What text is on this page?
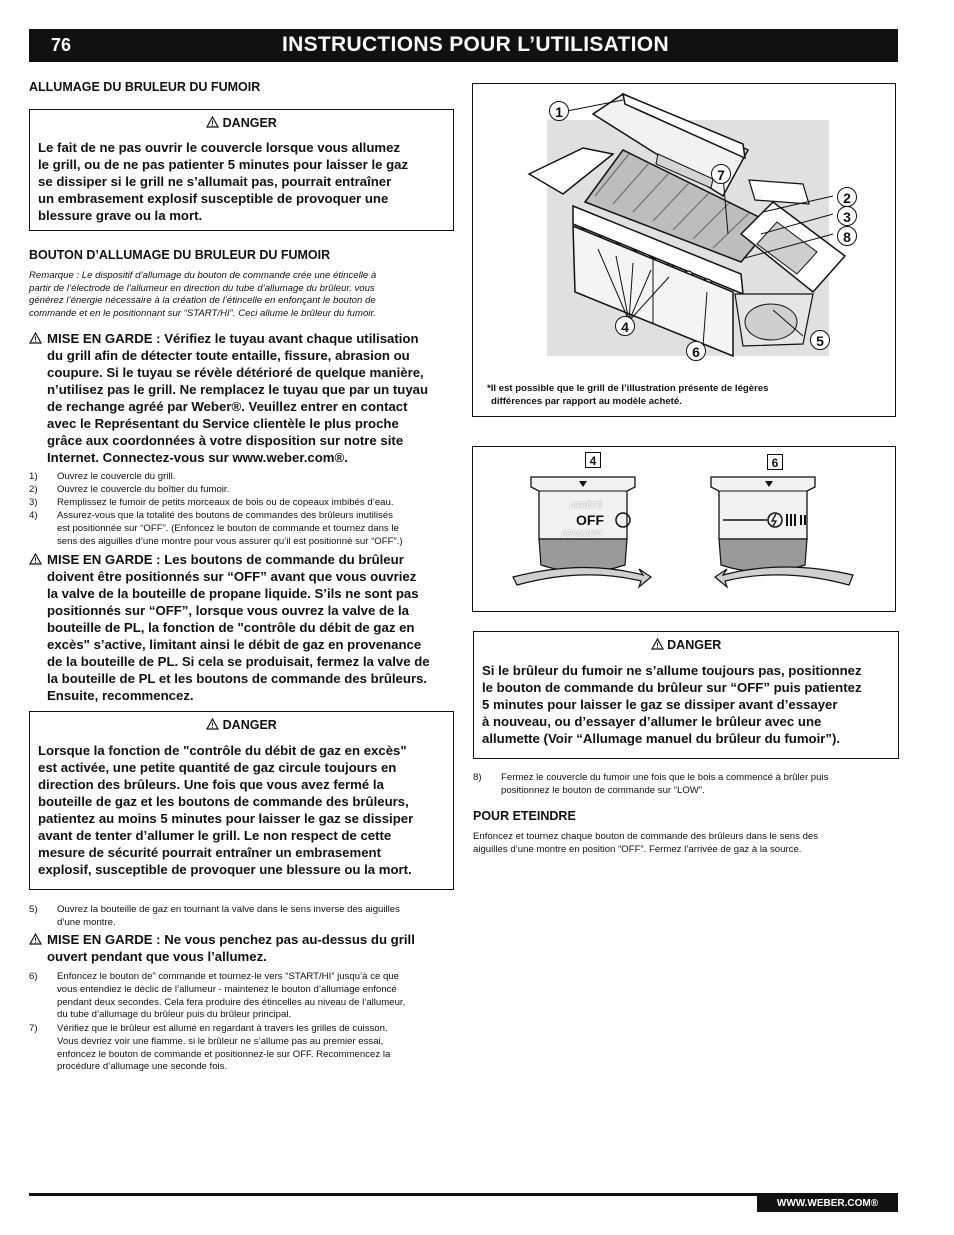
76	INSTRUCTIONS POUR L’UTILISATION
ALLUMAGE DU BRULEUR DU FUMOIR
DANGER
Le fait de ne pas ouvrir le couvercle lorsque vous allumez
le grill, ou de ne pas patienter 5 minutes pour laisser le gaz
se dissiper si le grill ne s’allumait pas, pourrait entraîner
un embrasement explosif susceptible de provoquer une
blessure grave ou la mort.
BOUTON D’ALLUMAGE DU BRULEUR DU FUMOIR
Remarque : Le dispositif d’allumage du bouton de commande crée une étincelle à
partir de l’électrode de l’allumeur en direction du tube d’allumage du brûleur. vous
générez l’énergie nécessaire à la création de l’étincelle en enfonçant le bouton de
commande et en le positionnant sur “START/HI”. Ceci allume le brûleur du fumoir.
MISE EN GARDE : Vérifiez le tuyau avant chaque utilisation
du grill afin de détecter toute entaille, fissure, abrasion ou
coupure. Si le tuyau se révèle détérioré de quelque manière,
n’utilisez pas le grill. Ne remplacez le tuyau que par un tuyau
de rechange agréé par Weber®. Veuillez entrer en contact
avec le Représentant du Service clientèle le plus proche
grâce aux coordonnées à votre disposition sur notre site
Internet. Connectez-vous sur www.weber.com®.
1) Ouvrez le couvercle du grill.
2) Ouvrez le couvercle du boîtier du fumoir.
3) Remplissez le fumoir de petits morceaux de bois ou de copeaux imbibés d’eau.
4) Assurez-vous que la totalité des boutons de commandes des brûleurs inutilisés
est positionnée sur “OFF”. (Enfoncez le bouton de commande et tournez dans le
sens des aiguilles d’une montre pour vous assurer qu’il est positionné sur “OFF”.)
MISE EN GARDE : Les boutons de commande du brûleur
doivent être positionnés sur “OFF” avant que vous ouvriez
la valve de la bouteille de propane liquide. S’ils ne sont pas
positionnés sur “OFF”, lorsque vous ouvrez la valve de la
bouteille de PL, la fonction de "contrôle du débit de gaz en
excès" s’active, limitant ainsi le débit de gaz en provenance
de la bouteille de PL. Si cela se produisait, fermez la valve de
la bouteille de PL et les boutons de commande des brûleurs.
Ensuite, recommencez.
DANGER
Lorsque la fonction de "contrôle du débit de gaz en excès"
est activée, une petite quantité de gaz circule toujours en
direction des brûleurs. Une fois que vous avez fermé la
bouteille de gaz et les boutons de commande des brûleurs,
patientez au moins 5 minutes pour laisser le gaz se dissiper
avant de tenter d’allumer le grill. Le non respect de cette
mesure de sécurité pourrait entraîner un embrasement
explosif, susceptible de provoquer une blessure ou la mort.
5) Ouvrez la bouteille de gaz en tournant la valve dans le sens inverse des aiguilles
d’une montre.
MISE EN GARDE : Ne vous penchez pas au-dessus du grill
ouvert pendant que vous l’allumez.
6) Enfoncez le bouton de” commande et tournez-le vers “START/HI” jusqu’à ce que
vous entendiez le déclic de l’allumeur - maintenez le bouton d’allumage enfoncé
pendant deux secondes. Cela fera produire des étincelles au niveau de l’allumeur,
du tube d’allumage du brûleur puis du brûleur principal.
7) Vérifiez que le brûleur est allumé en regardant à travers les grilles de cuisson.
Vous devriez voir une flamme. si le brûleur ne s’allume pas au premier essai,
enfoncez le bouton de commande et positionnez-le sur OFF. Recommencez la
procédure d’allumage une seconde fois.
1
7
2
3
8
4
6
5
*Il est possible que le grill de l’illustration présente de légères
différences par rapport au modèle acheté.
ARRÊTÉ
OFF
APAGADO
4	6
DANGER
Si le brûleur du fumoir ne s’allume toujours pas, positionnez
le bouton de commande du brûleur sur “OFF” puis patientez
5 minutes pour laisser le gaz se dissiper avant d’essayer
à nouveau, ou d’essayer d’allumer le brûleur avec une
allumette (Voir “Allumage manuel du brûleur du fumoir”).
8) Fermez le couvercle du fumoir une fois que le bois a commencé à brûler puis
positionnez le bouton de commande sur “LOW”.
POUR ETEINDRE
Enfoncez et tournez chaque bouton de commande des brûleurs dans le sens des
aiguilles d’une montre en position “OFF”. Fermez l’arrivée de gaz à la source.
WWW.WEBER.COM®
